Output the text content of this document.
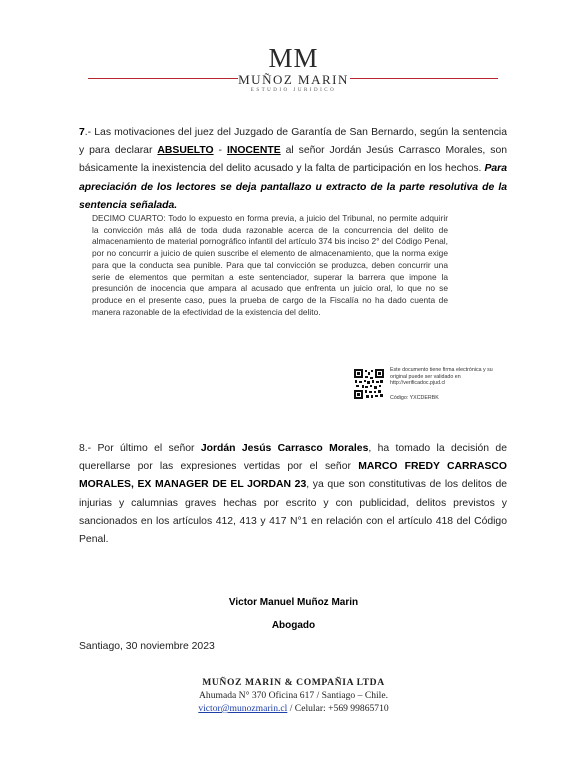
MM
MUÑOZ MARIN
ESTUDIO JURIDICO
7.- Las motivaciones del juez del Juzgado de Garantía de San Bernardo, según la sentencia y para declarar ABSUELTO - INOCENTE al señor Jordán Jesús Carrasco Morales, son básicamente la inexistencia del delito acusado y la falta de participación en los hechos. Para apreciación de los lectores se deja pantallazo u extracto de la parte resolutiva de la sentencia señalada.
DECIMO CUARTO: Todo lo expuesto en forma previa, a juicio del Tribunal, no permite adquirir la convicción más allá de toda duda razonable acerca de la concurrencia del delito de almacenamiento de material pornográfico infantil del artículo 374 bis inciso 2° del Código Penal, por no concurrir a juicio de quien suscribe el elemento de almacenamiento, que la norma exige para que la conducta sea punible. Para que tal convicción se produzca, deben concurrir una serie de elementos que permitan a este sentenciador, superar la barrera que impone la presunción de inocencia que ampara al acusado que enfrenta un juicio oral, lo que no se produce en el presente caso, pues la prueba de cargo de la Fiscalía no ha dado cuenta de manera razonable de la efectividad de la existencia del delito.
Este documento tiene firma electrónica y su original puede ser validado en http://verificadoc.pjud.cl
Código: YXCDERBK
8.- Por último el señor Jordán Jesús Carrasco Morales, ha tomado la decisión de querellarse por las expresiones vertidas por el señor MARCO FREDY CARRASCO MORALES, EX MANAGER DE EL JORDAN 23, ya que son constitutivas de los delitos de injurias y calumnias graves hechas por escrito y con publicidad, delitos previstos y sancionados en los artículos 412, 413 y 417 N°1 en relación con el artículo 418 del Código Penal.
Victor Manuel Muñoz Marin
Abogado
Santiago, 30 noviembre 2023
MUÑOZ MARIN & COMPAÑIA LTDA
Ahumada N° 370 Oficina 617 / Santiago – Chile.
victor@munozmarin.cl / Celular: +569 99865710
